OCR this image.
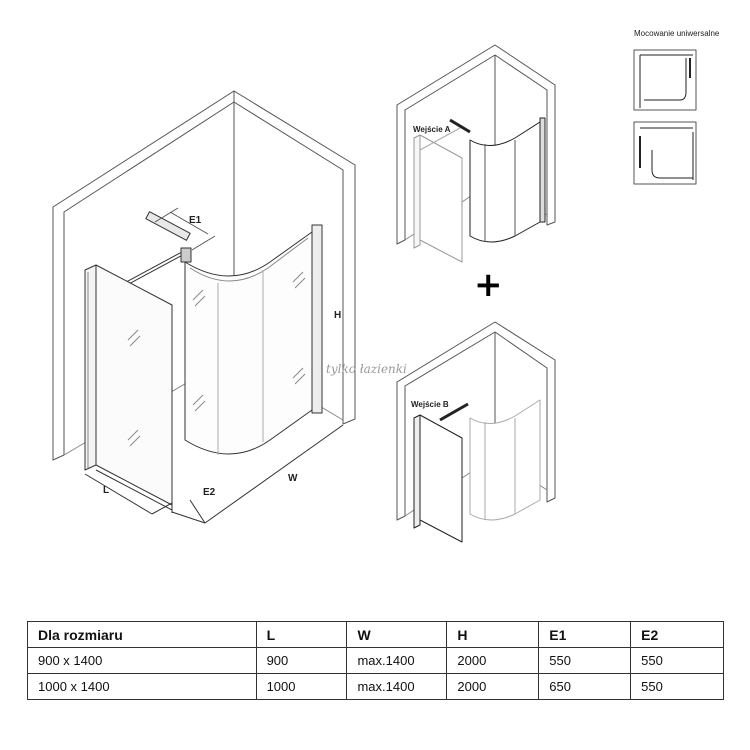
E1
H
L	E2
W
Wejście A
Wejście B
Mocowanie uniwersalne
+
tylko łazienki
Dla rozmiaru	L	W	H	E1	E2
900 x 1400	900	max.1400	2000	550	550
1000 x 1400	1000	max.1400	2000	650	550
